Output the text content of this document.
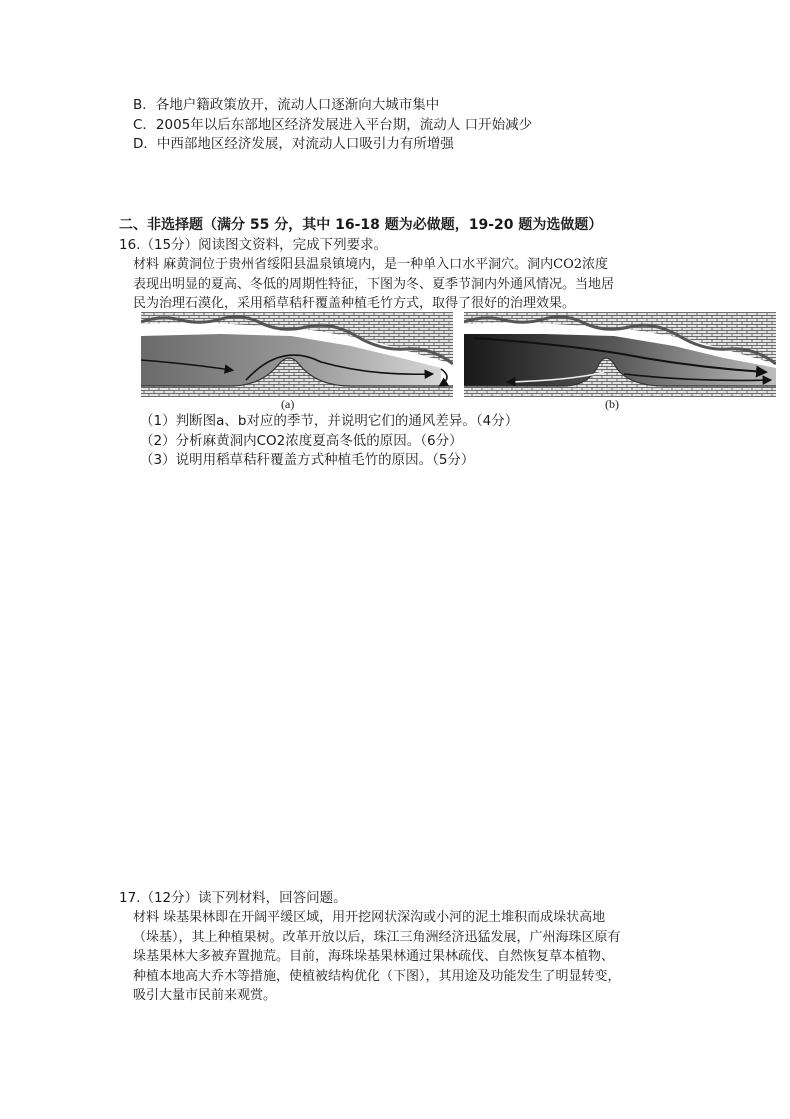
B．各地户籍政策放开，流动人口逐渐向大城市集中
C．2005年以后东部地区经济发展进入平台期，流动人 口开始减少
D．中西部地区经济发展，对流动人口吸引力有所增强
二、非选择题（满分 55 分，其中 16-18 题为必做题，19-20 题为选做题）
16.（15分）阅读图文资料，完成下列要求。
材料 麻黄洞位于贵州省绥阳县温泉镇境内，是一种单入口水平洞穴。洞内CO2浓度
表现出明显的夏高、冬低的周期性特征，下图为冬、夏季节洞内外通风情况。当地居
民为治理石漠化，采用稻草秸秆覆盖种植毛竹方式，取得了很好的治理效果。
(a)	(b)
（1）判断图a、b对应的季节，并说明它们的通风差异。（4分）
（2）分析麻黄洞内CO2浓度夏高冬低的原因。（6分）
（3）说明用稻草秸秆覆盖方式种植毛竹的原因。（5分）
17.（12分）读下列材料，回答问题。
材料 垛基果林即在开阔平缓区域，用开挖网状深沟或小河的泥土堆积而成垛状高地
（垛基），其上种植果树。改革开放以后，珠江三角洲经济迅猛发展，广州海珠区原有
垛基果林大多被弃置抛荒。目前，海珠垛基果林通过果林疏伐、自然恢复草本植物、
种植本地高大乔木等措施，使植被结构优化（下图），其用途及功能发生了明显转变，
吸引大量市民前来观赏。
